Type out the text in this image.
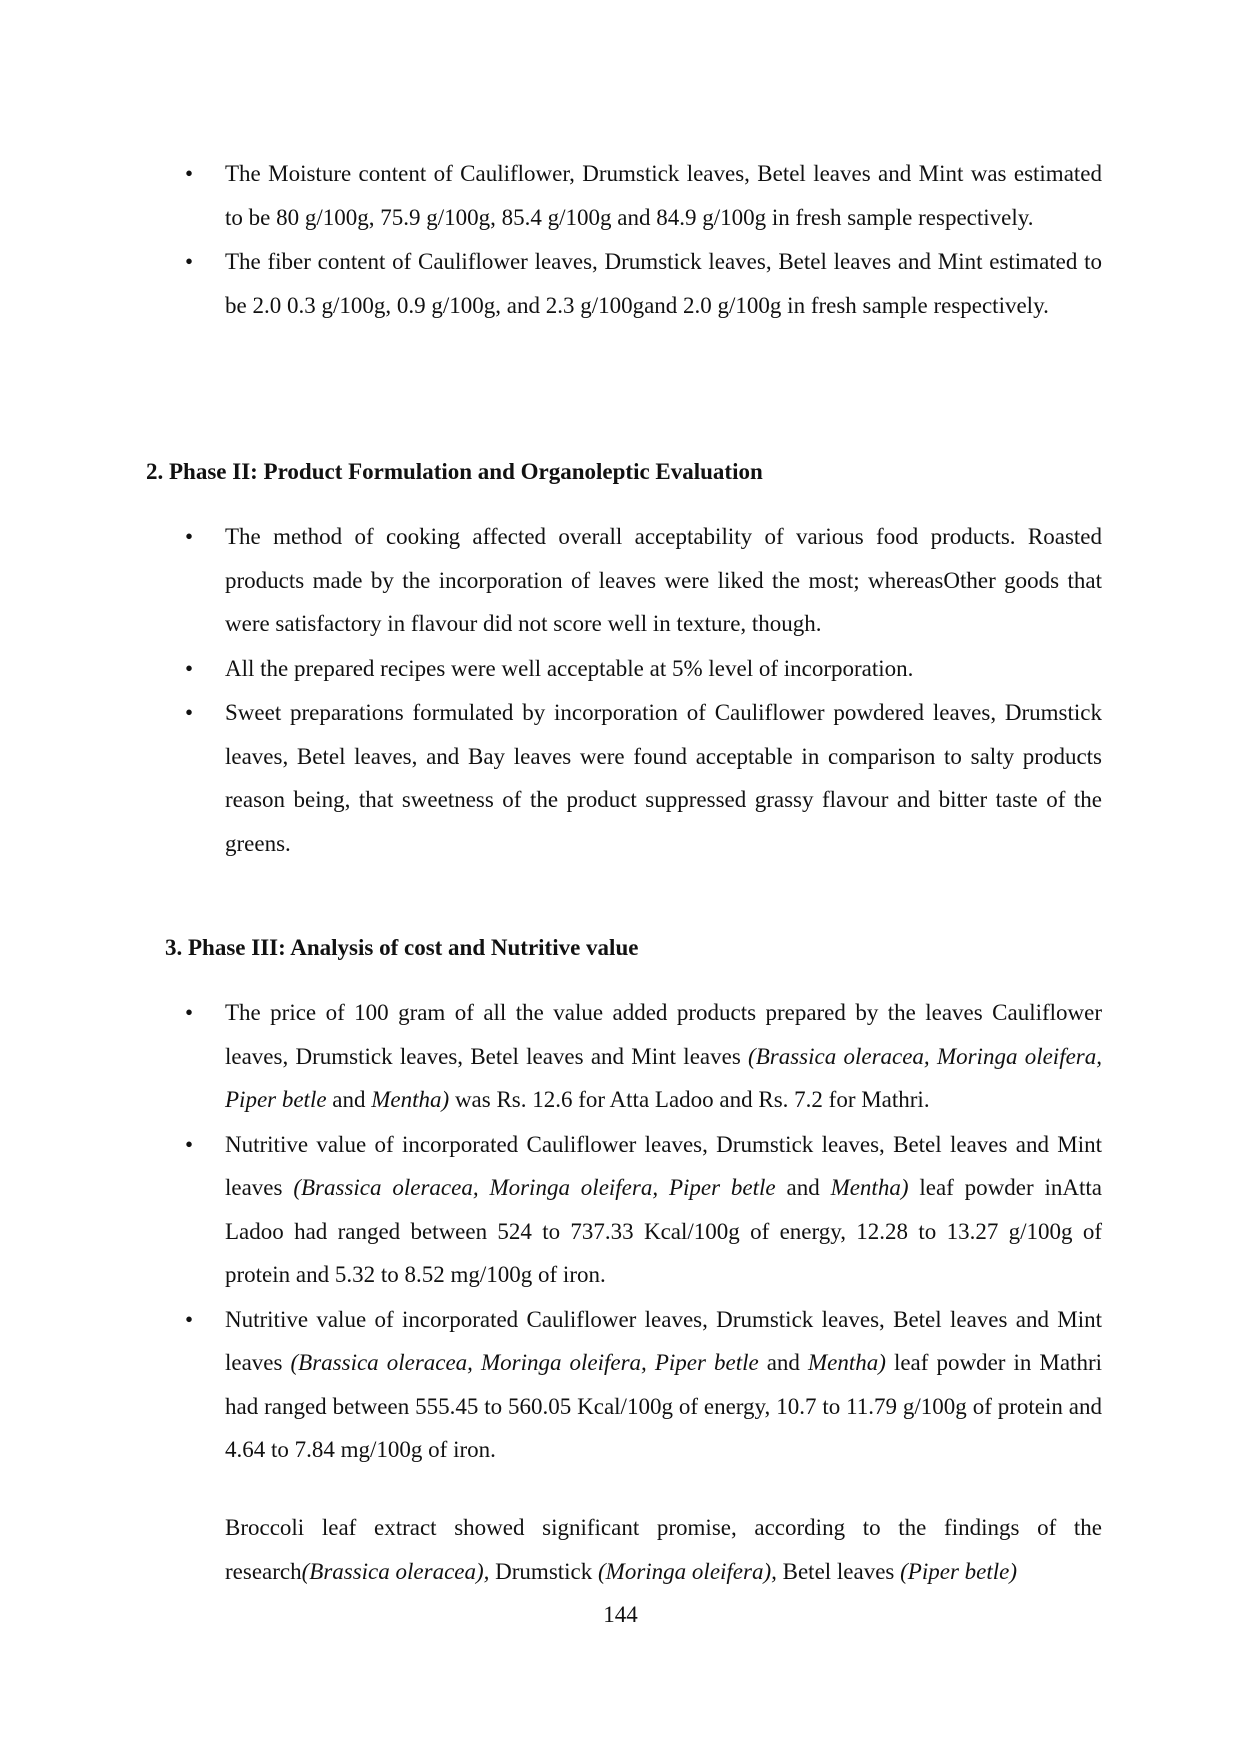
•	The Moisture content of Cauliflower, Drumstick leaves, Betel leaves and Mint was estimated to be 80 g/100g, 75.9 g/100g, 85.4 g/100g and 84.9 g/100g in fresh sample respectively.
•	The fiber content of Cauliflower leaves, Drumstick leaves, Betel leaves and Mint estimated to be 2.0 0.3 g/100g, 0.9 g/100g, and 2.3 g/100gand 2.0 g/100g in fresh sample respectively.
2. Phase II: Product Formulation and Organoleptic Evaluation
•	The method of cooking affected overall acceptability of various food products. Roasted products made by the incorporation of leaves were liked the most; whereasOther goods that were satisfactory in flavour did not score well in texture, though.
•	All the prepared recipes were well acceptable at 5% level of incorporation.
•	Sweet preparations formulated by incorporation of Cauliflower powdered leaves, Drumstick leaves, Betel leaves, and Bay leaves were found acceptable in comparison to salty products reason being, that sweetness of the product suppressed grassy flavour and bitter taste of the greens.
3. Phase III: Analysis of cost and Nutritive value
•	The price of 100 gram of all the value added products prepared by the leaves Cauliflower leaves, Drumstick leaves, Betel leaves and Mint leaves (Brassica oleracea, Moringa oleifera, Piper betle and Mentha) was Rs. 12.6 for Atta Ladoo and Rs. 7.2 for Mathri.
•	Nutritive value of incorporated Cauliflower leaves, Drumstick leaves, Betel leaves and Mint leaves (Brassica oleracea, Moringa oleifera, Piper betle and Mentha) leaf powder inAtta Ladoo had ranged between 524 to 737.33 Kcal/100g of energy, 12.28 to 13.27 g/100g of protein and 5.32 to 8.52 mg/100g of iron.
•	Nutritive value of incorporated Cauliflower leaves, Drumstick leaves, Betel leaves and Mint leaves (Brassica oleracea, Moringa oleifera, Piper betle and Mentha) leaf powder in Mathri had ranged between 555.45 to 560.05 Kcal/100g of energy, 10.7 to 11.79 g/100g of protein and 4.64 to 7.84 mg/100g of iron.

Broccoli leaf extract showed significant promise, according to the findings of the research(Brassica oleracea), Drumstick (Moringa oleifera), Betel leaves (Piper betle)

144
